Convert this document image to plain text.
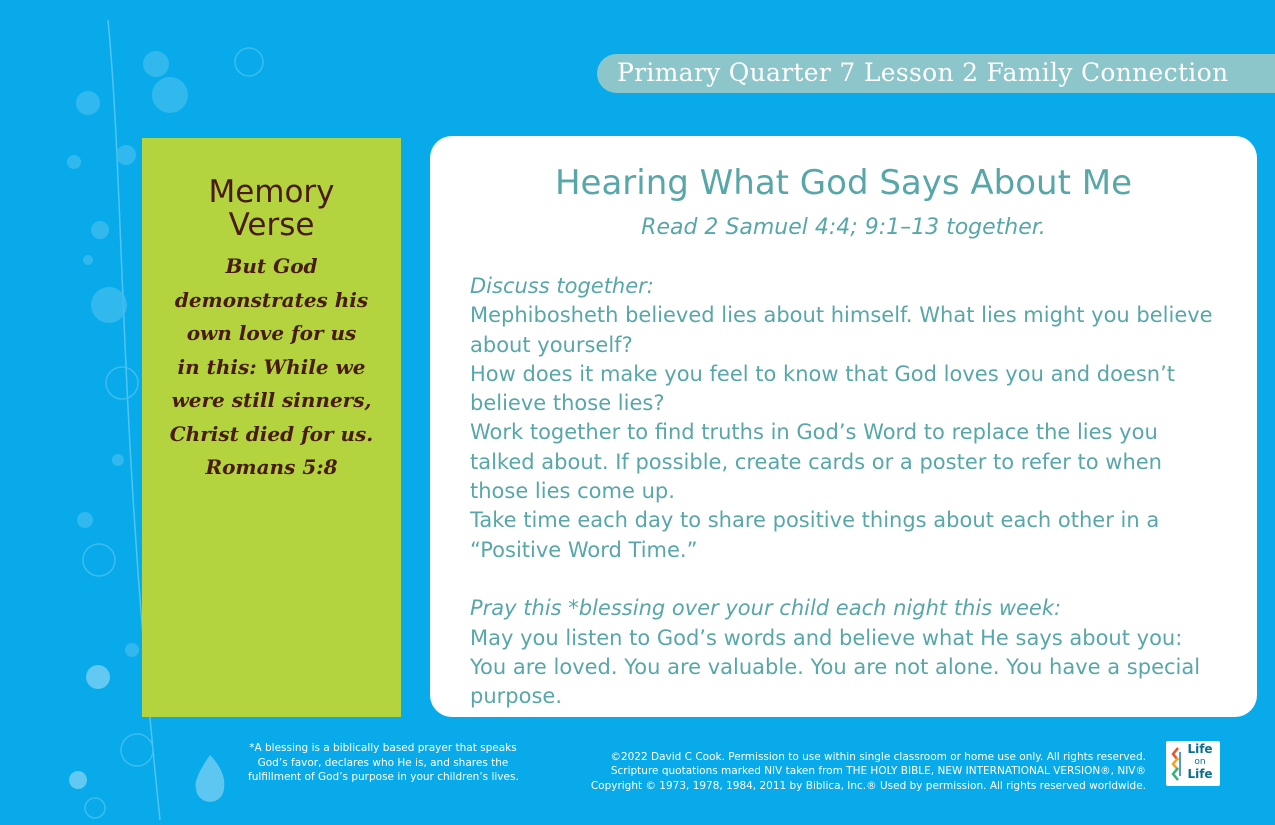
Primary Quarter 7 Lesson 2 Family Connection
Memory
Verse
But God
demonstrates his
own love for us
in this: While we
were still sinners,
Christ died for us.
Romans 5:8
Hearing What God Says About Me
Read 2 Samuel 4:4; 9:1–13 together.
Discuss together:
Mephibosheth believed lies about himself. What lies might you believe
about yourself?
How does it make you feel to know that God loves you and doesn’t
believe those lies?
Work together to find truths in God’s Word to replace the lies you
talked about. If possible, create cards or a poster to refer to when
those lies come up.
Take time each day to share positive things about each other in a
“Positive Word Time.”
Pray this *blessing over your child each night this week:
May you listen to God’s words and believe what He says about you:
You are loved. You are valuable. You are not alone. You have a special
purpose.
*A blessing is a biblically based prayer that speaks
God’s favor, declares who He is, and shares the
fulfillment of God’s purpose in your children’s lives.
©2022 David C Cook. Permission to use within single classroom or home use only. All rights reserved.
Scripture quotations marked NIV taken from THE HOLY BIBLE, NEW INTERNATIONAL VERSION®, NIV®
Copyright © 1973, 1978, 1984, 2011 by Biblica, Inc.® Used by permission. All rights reserved worldwide.
Life
on
Life
